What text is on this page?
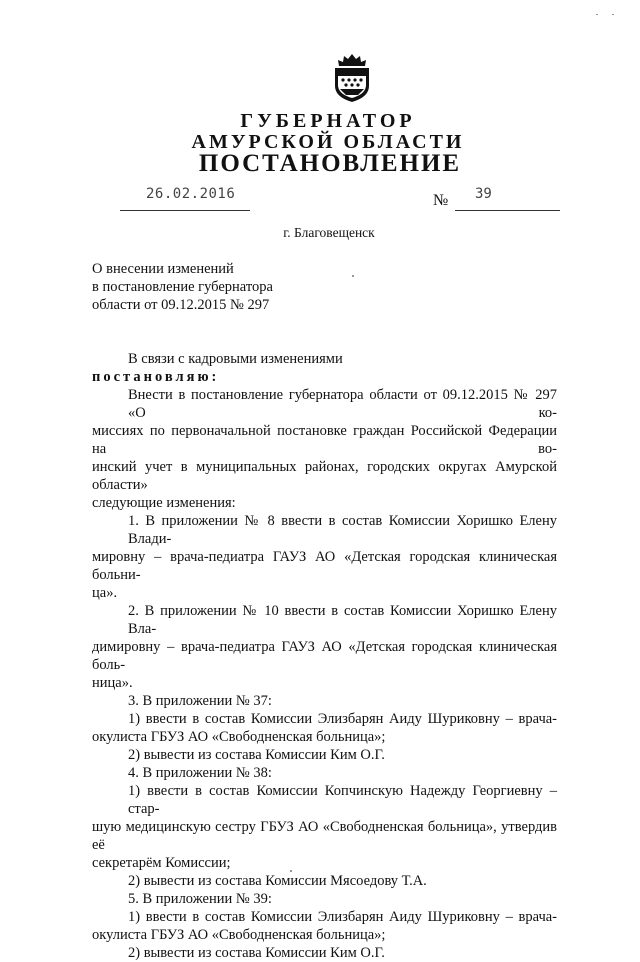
ГУБЕРНАТОР
АМУРСКОЙ ОБЛАСТИ
ПОСТАНОВЛЕНИЕ
26.02.2016	№ 39
г. Благовещенск
О внесении изменений
в постановление губернатора
области от 09.12.2015 № 297
В связи с кадровыми изменениями
постановляю:
Внести в постановление губернатора области от 09.12.2015 № 297 «О ко-
миссиях по первоначальной постановке граждан Российской Федерации на во-
инский учет в муниципальных районах, городских округах Амурской области»
следующие изменения:
1. В приложении № 8 ввести в состав Комиссии Хоришко Елену Влади-
мировну – врача-педиатра ГАУЗ АО «Детская городская клиническая больни-
ца».
2. В приложении № 10 ввести в состав Комиссии Хоришко Елену Вла-
димировну – врача-педиатра ГАУЗ АО «Детская городская клиническая боль-
ница».
3. В приложении № 37:
1) ввести в состав Комиссии Элизбарян Аиду Шуриковну – врача-
окулиста ГБУЗ АО «Свободненская больница»;
2) вывести из состава Комиссии Ким О.Г.
4. В приложении № 38:
1) ввести в состав Комиссии Копчинскую Надежду Георгиевну – стар-
шую медицинскую сестру ГБУЗ АО «Свободненская больница», утвердив её
секретарём Комиссии;
2) вывести из состава Комиссии Мясоедову Т.А.
5. В приложении № 39:
1) ввести в состав Комиссии Элизбарян Аиду Шуриковну – врача-
окулиста ГБУЗ АО «Свободненская больница»;
2) вывести из состава Комиссии Ким О.Г.
